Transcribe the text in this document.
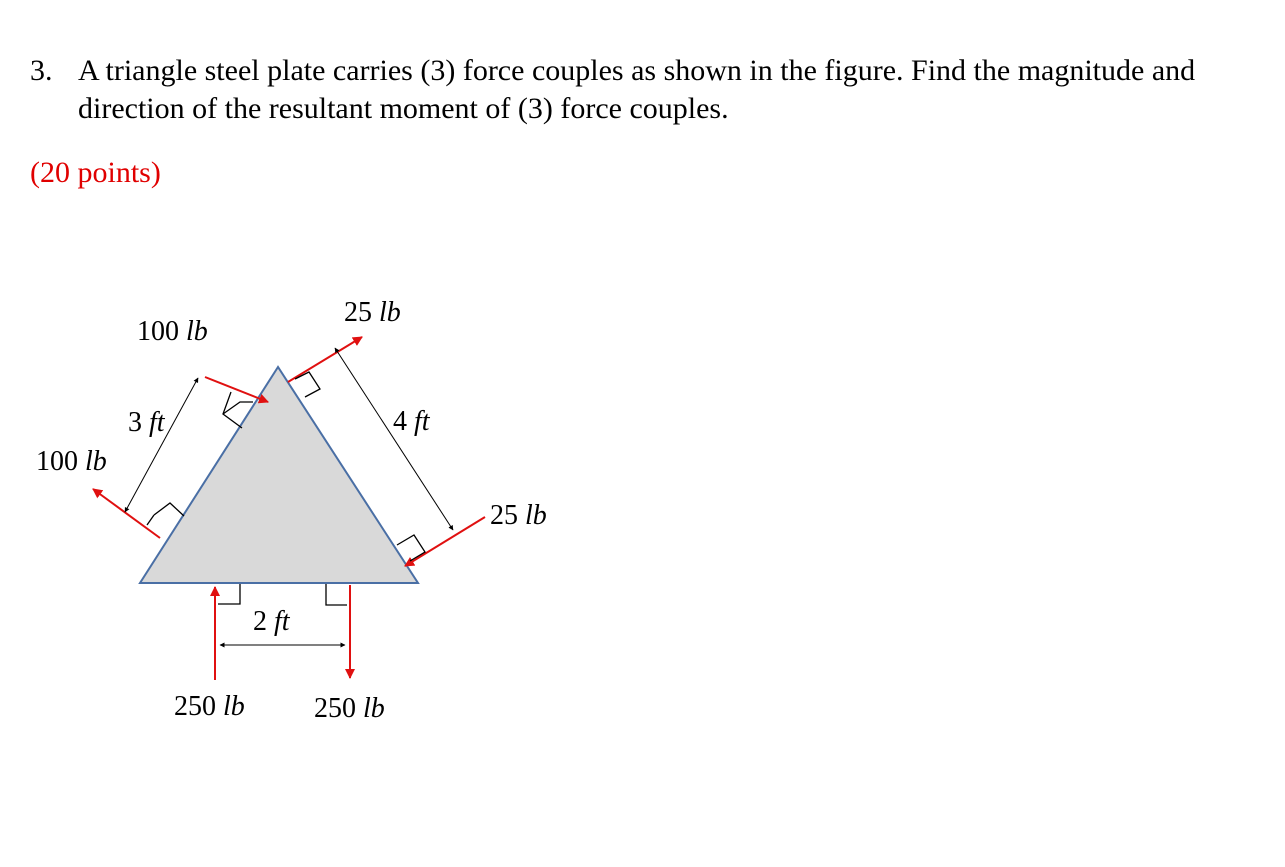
3. A triangle steel plate carries (3) force couples as shown in the figure. Find the magnitude and direction of the resultant moment of (3) force couples.
(20 points)
100 lb
100 lb
25 lb
25 lb
250 lb 250 lb
3 ft	4 ft
2 ft
